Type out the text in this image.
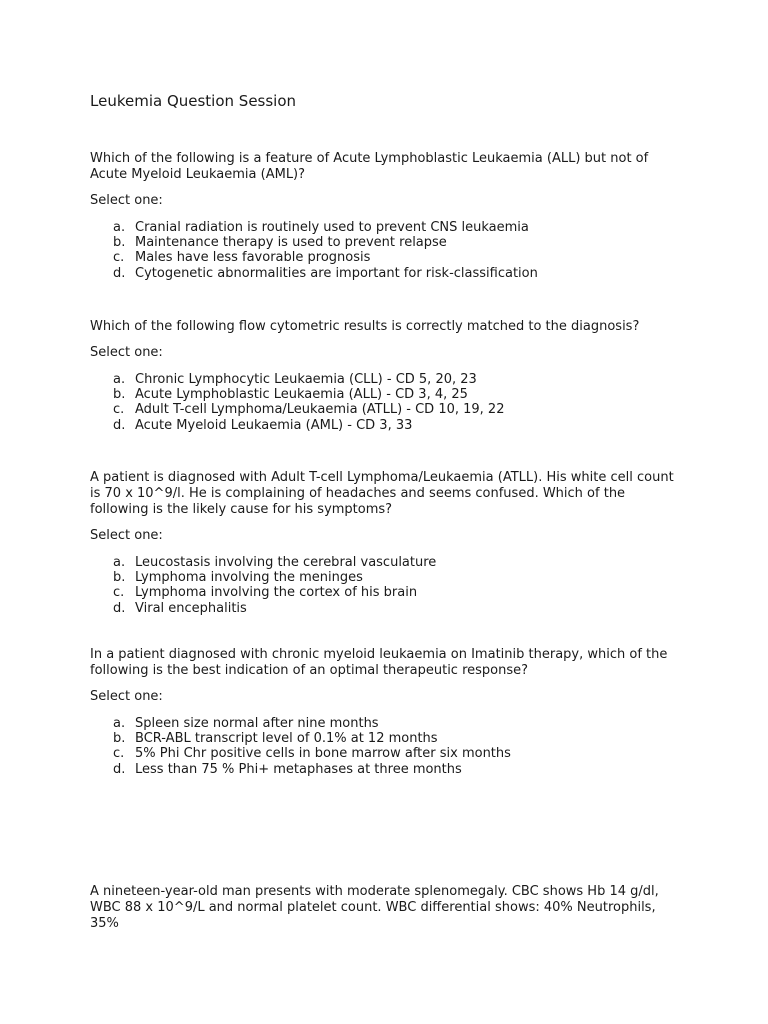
Leukemia Question Session

Which of the following is a feature of Acute Lymphoblastic Leukaemia (ALL) but not of Acute Myeloid Leukaemia (AML)?

Select one:

a. Cranial radiation is routinely used to prevent CNS leukaemia
b. Maintenance therapy is used to prevent relapse
c. Males have less favorable prognosis
d. Cytogenetic abnormalities are important for risk-classification

Which of the following flow cytometric results is correctly matched to the diagnosis?

Select one:

a. Chronic Lymphocytic Leukaemia (CLL) - CD 5, 20, 23
b. Acute Lymphoblastic Leukaemia (ALL) - CD 3, 4, 25
c. Adult T-cell Lymphoma/Leukaemia (ATLL) - CD 10, 19, 22
d. Acute Myeloid Leukaemia (AML) - CD 3, 33

A patient is diagnosed with Adult T-cell Lymphoma/Leukaemia (ATLL). His white cell count is 70 x 10^9/l. He is complaining of headaches and seems confused. Which of the following is the likely cause for his symptoms?

Select one:

a. Leucostasis involving the cerebral vasculature
b. Lymphoma involving the meninges
c. Lymphoma involving the cortex of his brain
d. Viral encephalitis

In a patient diagnosed with chronic myeloid leukaemia on Imatinib therapy, which of the following is the best indication of an optimal therapeutic response?

Select one:

a. Spleen size normal after nine months
b. BCR-ABL transcript level of 0.1% at 12 months
c. 5% Phi Chr positive cells in bone marrow after six months
d. Less than 75 % Phi+ metaphases at three months

A nineteen-year-old man presents with moderate splenomegaly. CBC shows Hb 14 g/dl, WBC 88 x 10^9/L and normal platelet count. WBC differential shows: 40% Neutrophils, 35%
